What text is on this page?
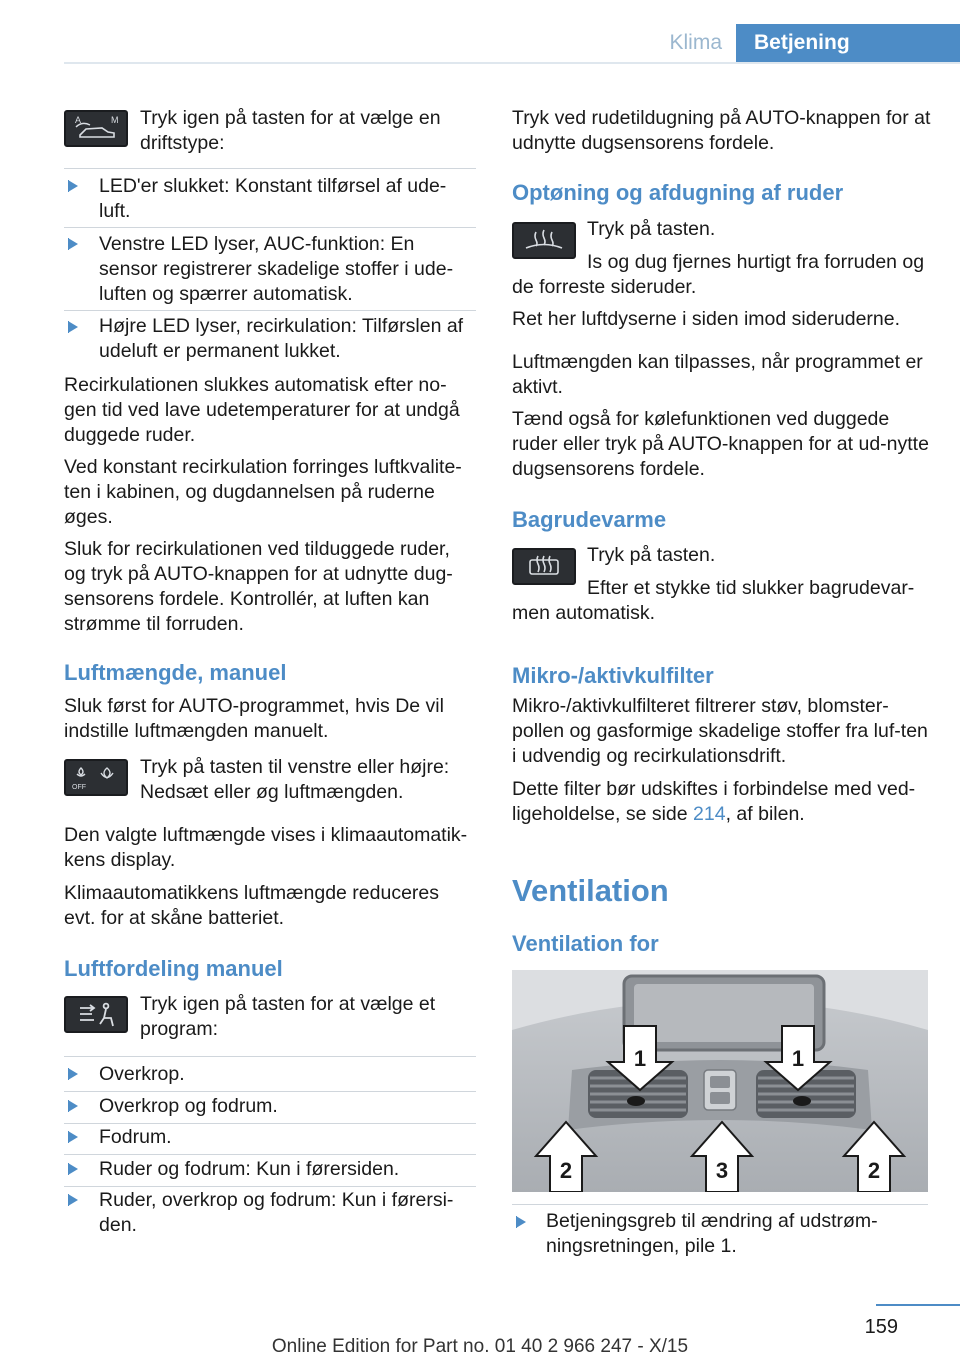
Klima	Betjening
A	M Tryk igen på tasten for at vælge en driftstype:
LED'er slukket: Konstant tilførsel af ude-luft.
Venstre LED lyser, AUC-funktion: En sensor registrerer skadelige stoffer i ude-luften og spærrer automatisk.
Højre LED lyser, recirkulation: Tilførslen af udeluft er permanent lukket.
Recirkulationen slukkes automatisk efter no-gen tid ved lave udetemperaturer for at undgå duggede ruder.
Ved konstant recirkulation forringes luftkvalite-ten i kabinen, og dugdannelsen på ruderne øges.
Sluk for recirkulationen ved tilduggede ruder, og tryk på AUTO-knappen for at udnytte dug-sensorens fordele. Kontrollér, at luften kan strømme til forruden.
Luftmængde, manuel
Sluk først for AUTO-programmet, hvis De vil indstille luftmængden manuelt.
OFF
Tryk på tasten til venstre eller højre: Nedsæt eller øg luftmængden.
Den valgte luftmængde vises i klimaautomatik-kens display.
Klimaautomatikkens luftmængde reduceres evt. for at skåne batteriet.
Luftfordeling manuel
Tryk igen på tasten for at vælge et program:
Overkrop.
Overkrop og fodrum.
Fodrum.
Ruder og fodrum: Kun i førersiden.
Ruder, overkrop og fodrum: Kun i førersi-den.
Tryk ved rudetildugning på AUTO-knappen for at udnytte dugsensorens fordele.
Optøning og afdugning af ruder
Tryk på tasten.
Is og dug fjernes hurtigt fra forruden og de forreste sideruder.
Ret her luftdyserne i siden imod sideruderne.
Luftmængden kan tilpasses, når programmet er aktivt.
Tænd også for kølefunktionen ved duggede ruder eller tryk på AUTO-knappen for at ud-nytte dugsensorens fordele.
Bagrudevarme
Tryk på tasten.
Efter et stykke tid slukker bagrudevar-men automatisk.
Mikro-/aktivkulfilter
Mikro-/aktivkulfilteret filtrerer støv, blomster-pollen og gasformige skadelige stoffer fra luf-ten i udvendig og recirkulationsdrift.
Dette filter bør udskiftes i forbindelse med ved-ligeholdelse, se side 214, af bilen.
Ventilation
Ventilation for
1	1
2	3	2
Betjeningsgreb til ændring af udstrøm-ningsretningen, pile 1.
159
Online Edition for Part no. 01 40 2 966 247 - X/15
